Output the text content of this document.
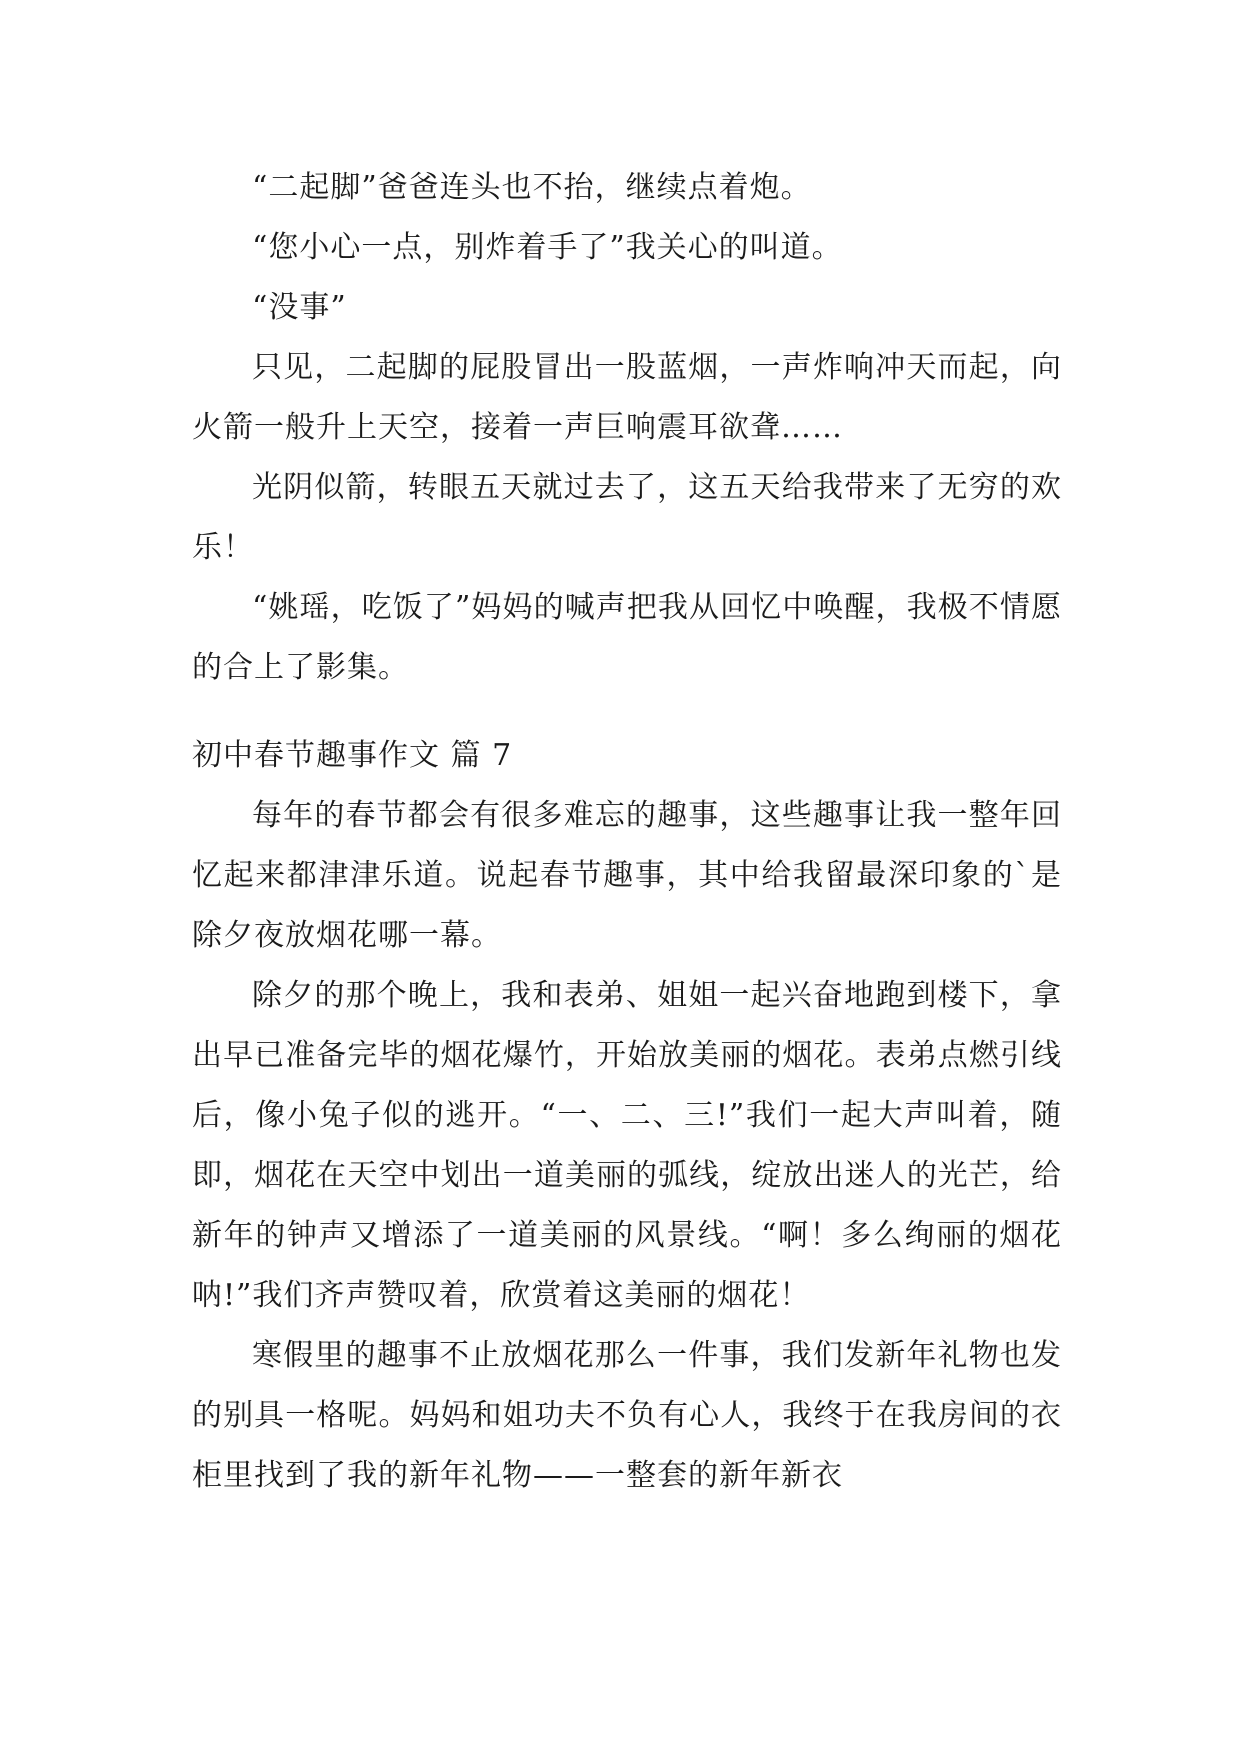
“二起脚”爸爸连头也不抬，继续点着炮。

“您小心一点，别炸着手了”我关心的叫道。

“没事”

只见，二起脚的屁股冒出一股蓝烟，一声炸响冲天而起，向火箭一般升上天空，接着一声巨响震耳欲聋……

光阴似箭，转眼五天就过去了，这五天给我带来了无穷的欢乐！

“姚瑶，吃饭了”妈妈的喊声把我从回忆中唤醒，我极不情愿的合上了影集。

初中春节趣事作文 篇 7

每年的春节都会有很多难忘的趣事，这些趣事让我一整年回忆起来都津津乐道。说起春节趣事，其中给我留最深印象的`是除夕夜放烟花哪一幕。

除夕的那个晚上，我和表弟、姐姐一起兴奋地跑到楼下，拿出早已准备完毕的烟花爆竹，开始放美丽的烟花。表弟点燃引线后，像小兔子似的逃开。“一、二、三!”我们一起大声叫着，随即，烟花在天空中划出一道美丽的弧线，绽放出迷人的光芒，给新年的钟声又增添了一道美丽的风景线。“啊！多么绚丽的烟花呐!”我们齐声赞叹着，欣赏着这美丽的烟花！

寒假里的趣事不止放烟花那么一件事，我们发新年礼物也发的别具一格呢。妈妈和姐功夫不负有心人，我终于在我房间的衣柜里找到了我的新年礼物——一整套的新年新衣
